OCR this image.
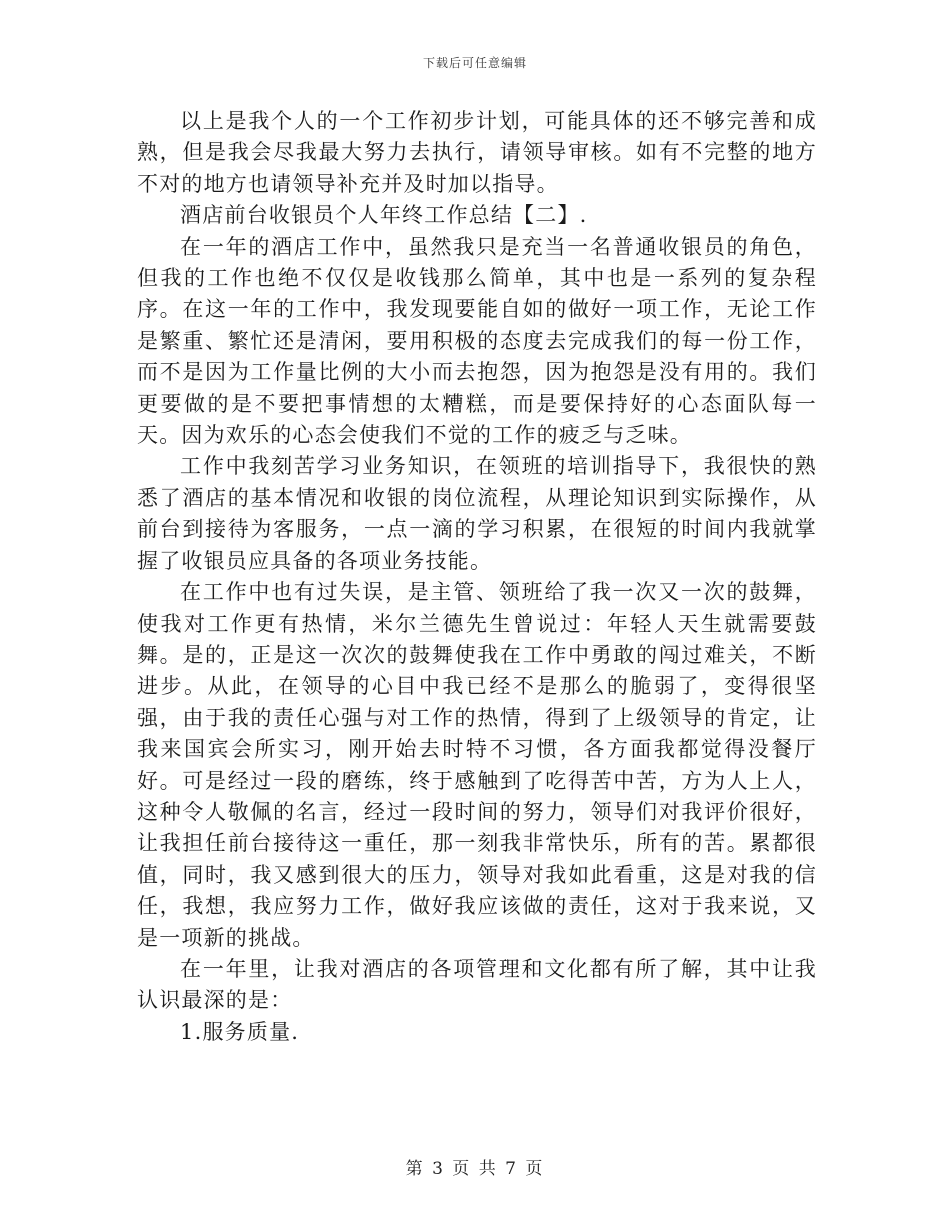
下载后可任意编辑

以上是我个人的一个工作初步计划，可能具体的还不够完善和成熟，但是我会尽我最大努力去执行，请领导审核。如有不完整的地方不对的地方也请领导补充并及时加以指导。

酒店前台收银员个人年终工作总结【二】.

在一年的酒店工作中，虽然我只是充当一名普通收银员的角色，但我的工作也绝不仅仅是收钱那么简单，其中也是一系列的复杂程序。在这一年的工作中，我发现要能自如的做好一项工作，无论工作是繁重、繁忙还是清闲，要用积极的态度去完成我们的每一份工作，而不是因为工作量比例的大小而去抱怨，因为抱怨是没有用的。我们更要做的是不要把事情想的太糟糕，而是要保持好的心态面队每一天。因为欢乐的心态会使我们不觉的工作的疲乏与乏味。

工作中我刻苦学习业务知识，在领班的培训指导下，我很快的熟悉了酒店的基本情况和收银的岗位流程，从理论知识到实际操作，从前台到接待为客服务，一点一滴的学习积累，在很短的时间内我就掌握了收银员应具备的各项业务技能。

在工作中也有过失误，是主管、领班给了我一次又一次的鼓舞，使我对工作更有热情，米尔兰德先生曾说过：年轻人天生就需要鼓舞。是的，正是这一次次的鼓舞使我在工作中勇敢的闯过难关，不断进步。从此，在领导的心目中我已经不是那么的脆弱了，变得很坚强，由于我的责任心强与对工作的热情，得到了上级领导的肯定，让我来国宾会所实习，刚开始去时特不习惯，各方面我都觉得没餐厅好。可是经过一段的磨练，终于感触到了吃得苦中苦，方为人上人，这种令人敬佩的名言，经过一段时间的努力，领导们对我评价很好，让我担任前台接待这一重任，那一刻我非常快乐，所有的苦。累都很值，同时，我又感到很大的压力，领导对我如此看重，这是对我的信任，我想，我应努力工作，做好我应该做的责任，这对于我来说，又是一项新的挑战。

在一年里，让我对酒店的各项管理和文化都有所了解，其中让我认识最深的是：

1.服务质量.

第 3 页 共 7 页
